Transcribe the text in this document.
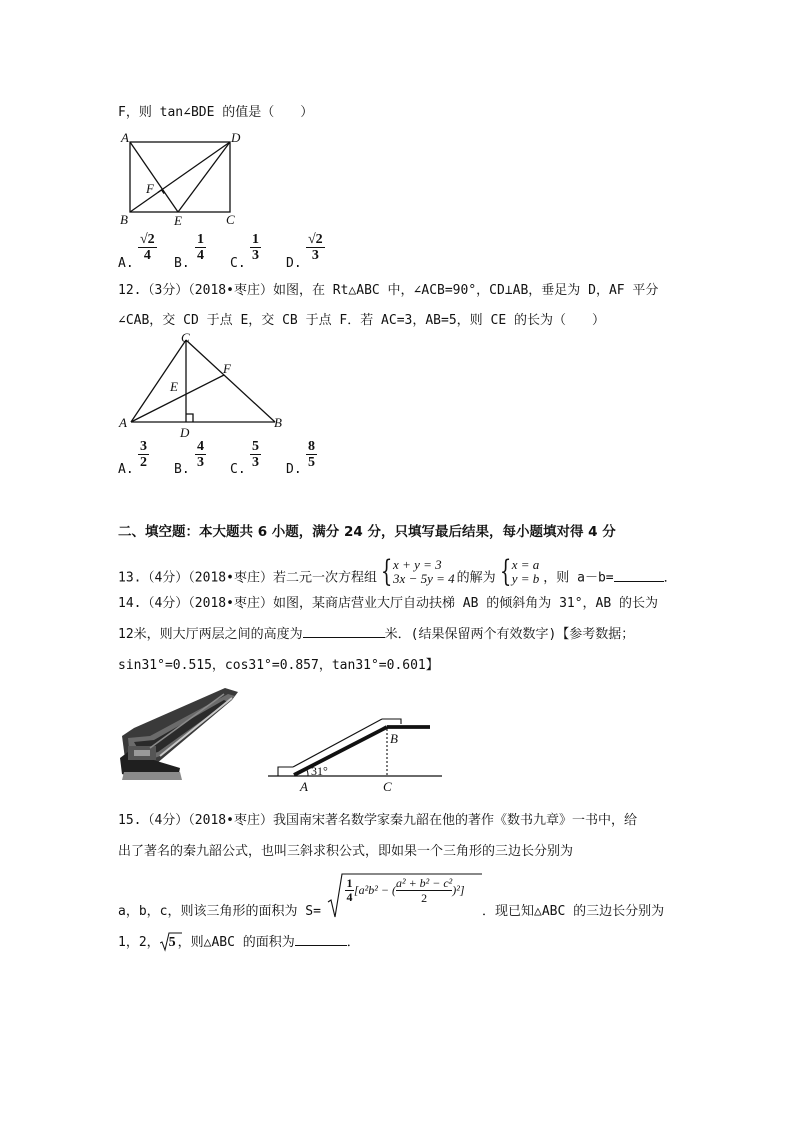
F，则 tan∠BDE 的值是（　　）
A	D
F
B	E	C
A.
√2
4
B.
1
4
C.
1
3
D.
√2
3
12.（3分）（2018•枣庄）如图，在 Rt△ABC 中，∠ACB=90°，CD⊥AB，垂足为 D，AF 平分
∠CAB，交 CD 于点 E，交 CB 于点 F．若 AC=3，AB=5，则 CE 的长为（　　）
C
F
E
A
D
B
A.
3
2 B.
4
3 C.
5
3 D.
8
5
二、填空题：本大题共 6 小题，满分 24 分，只填写最后结果，每小题填对得 4 分
13.（4分）（2018•枣庄）若二元一次方程组 { x + y = 3
3x − 5y = 4 的解为 { x = a
y = b ，则 a－b=	．
14.（4分）（2018•枣庄）如图，某商店营业大厅自动扶梯 AB 的倾斜角为 31°，AB 的长为
12米，则大厅两层之间的高度为	米．(结果保留两个有效数字)【参考数据；
sin31°=0.515，cos31°=0.857，tan31°=0.601】
B
31°
A	C
15.（4分）（2018•枣庄）我国南宋著名数学家秦九韶在他的著作《数书九章》一书中，给
出了著名的秦九韶公式，也叫三斜求积公式，即如果一个三角形的三边长分别为
a，b，c，则该三角形的面积为 S=
1
4 [ a²b² − ( a² + b² − c²
2
)²]
．现已知△ABC 的三边长分别为
1，2， 5 ，则△ABC 的面积为	．
